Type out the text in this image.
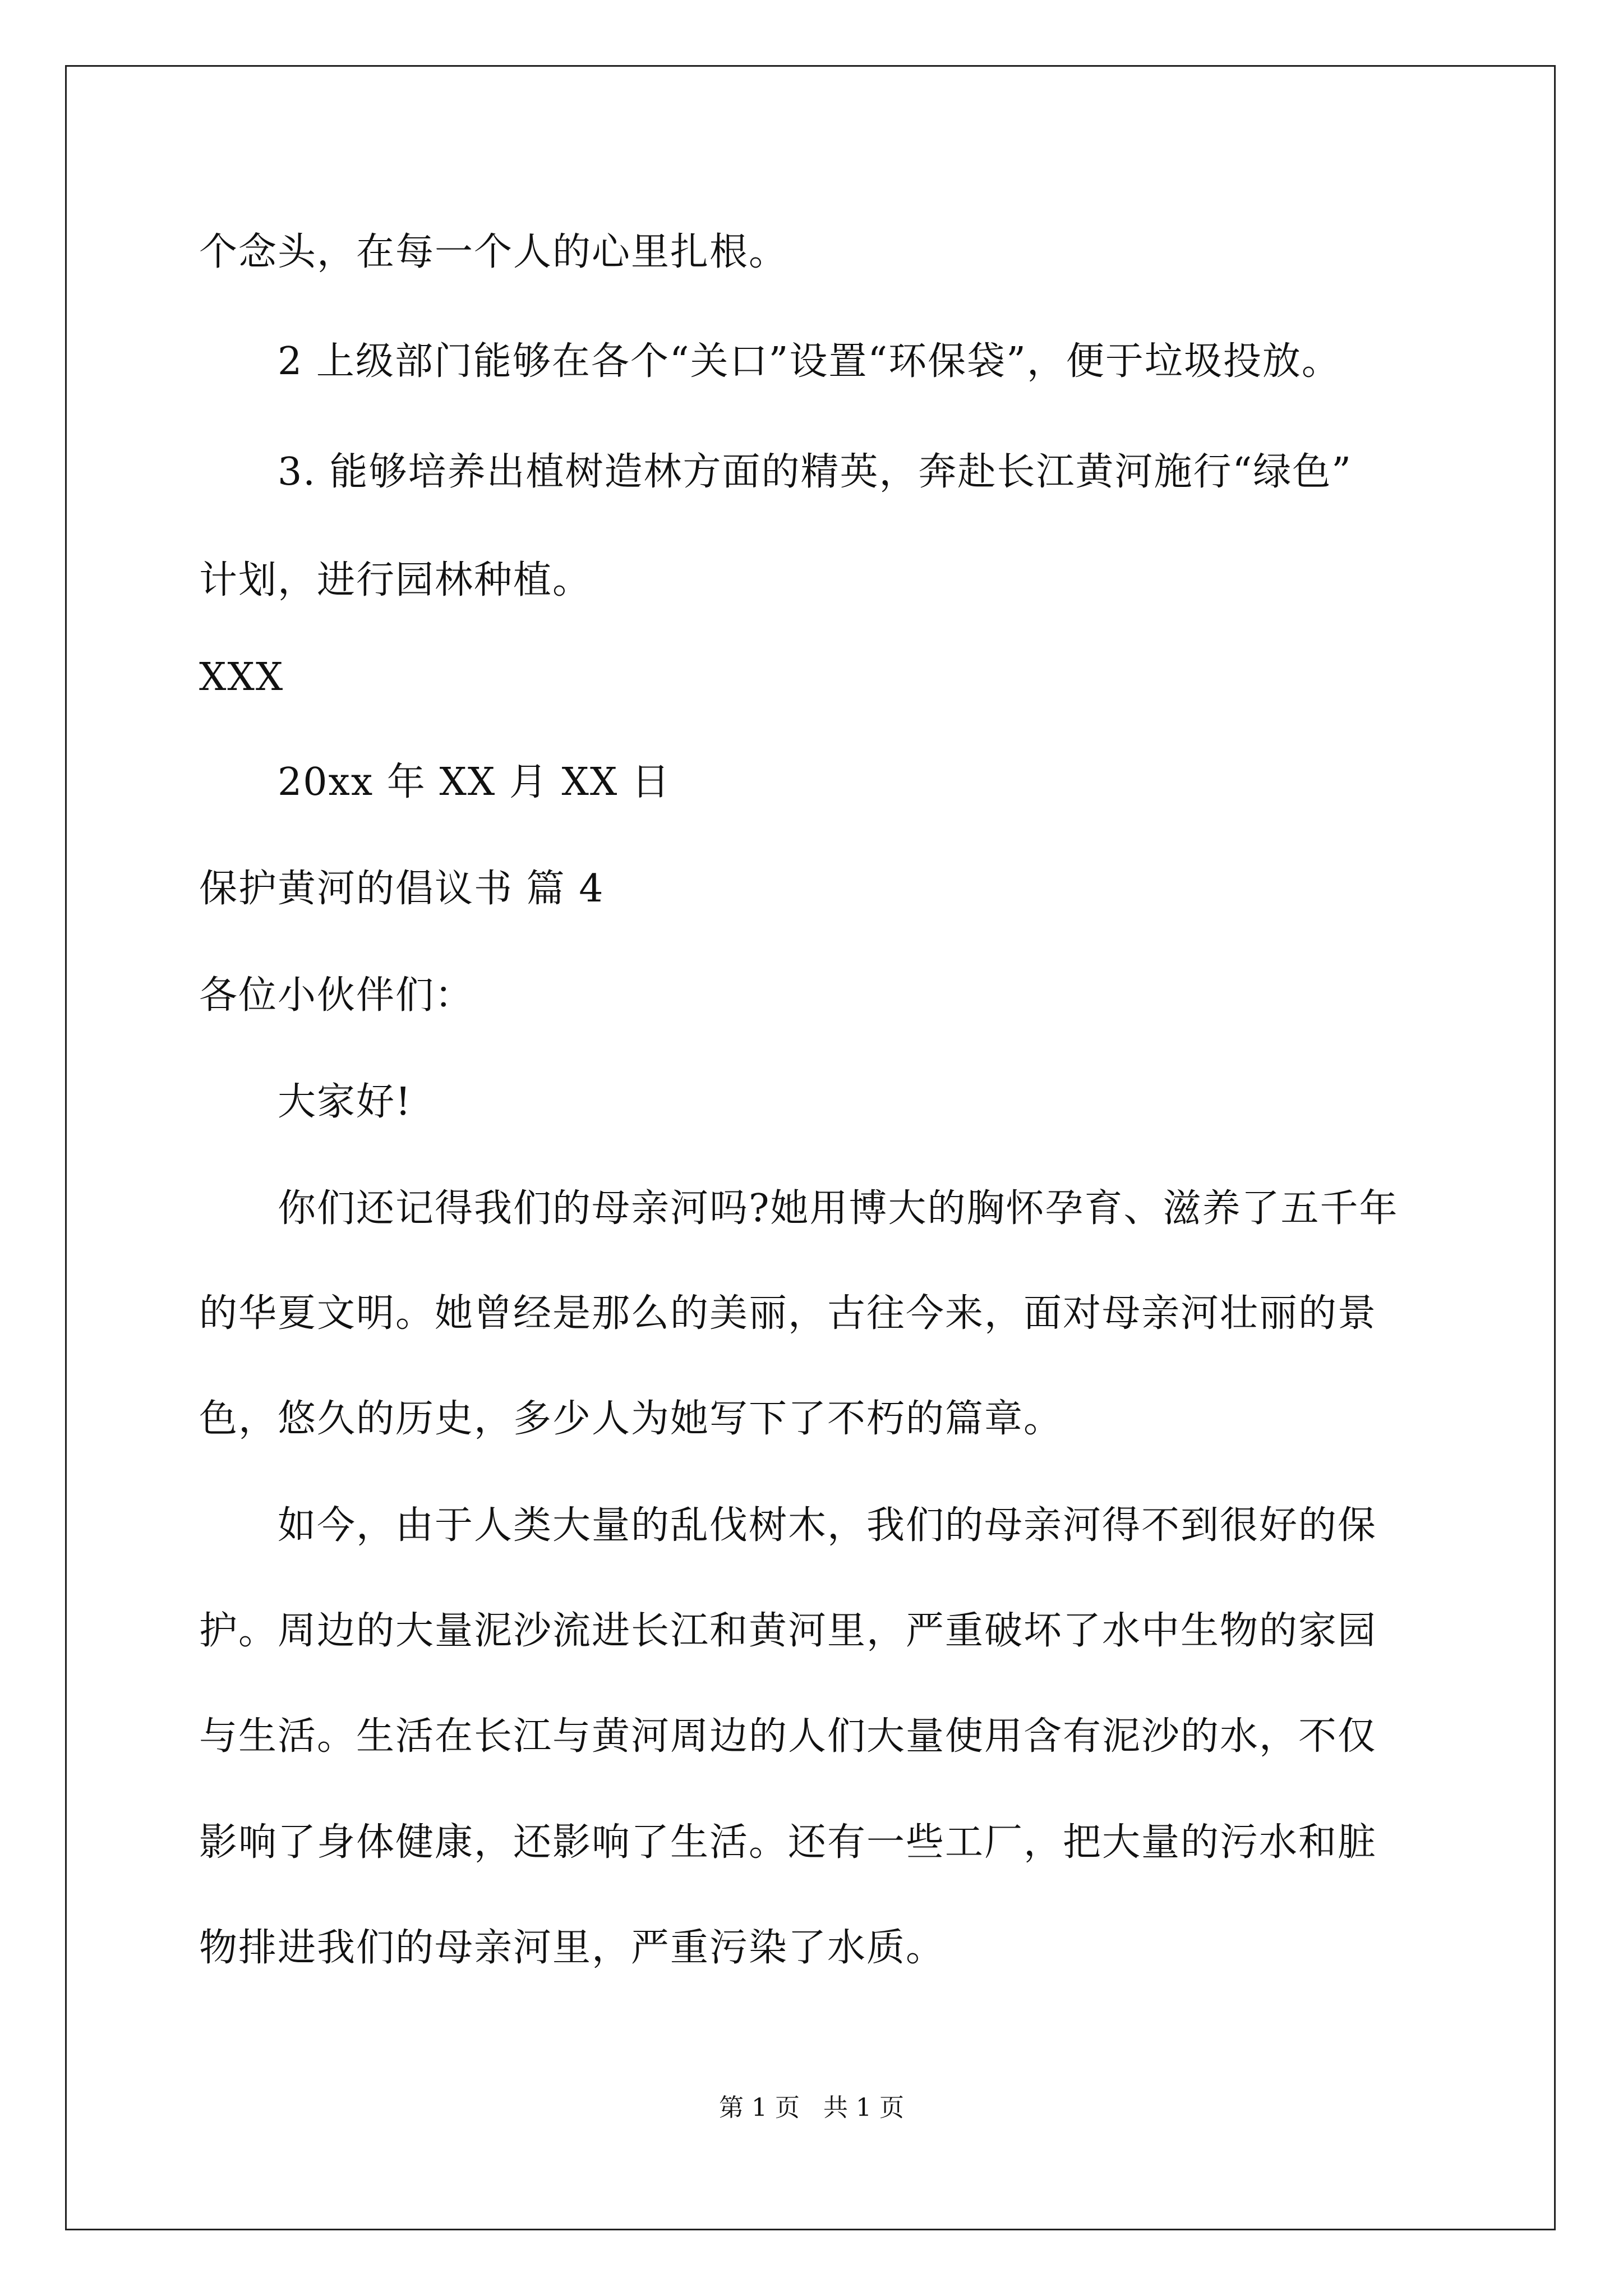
个念头，在每一个人的心里扎根。
2 上级部门能够在各个“关口”设置“环保袋”，便于垃圾投放。
3. 能够培养出植树造林方面的精英，奔赴长江黄河施行“绿色”
计划，进行园林种植。
XXX
20xx 年 XX 月 XX 日
保护黄河的倡议书 篇 4
各位小伙伴们：
大家好!
你们还记得我们的母亲河吗?她用博大的胸怀孕育、滋养了五千年
的华夏文明。她曾经是那么的美丽，古往今来，面对母亲河壮丽的景
色，悠久的历史，多少人为她写下了不朽的篇章。
如今，由于人类大量的乱伐树木，我们的母亲河得不到很好的保
护。周边的大量泥沙流进长江和黄河里，严重破坏了水中生物的家园
与生活。生活在长江与黄河周边的人们大量使用含有泥沙的水，不仅
影响了身体健康，还影响了生活。还有一些工厂，把大量的污水和脏
物排进我们的母亲河里，严重污染了水质。
第 1 页   共 1 页
